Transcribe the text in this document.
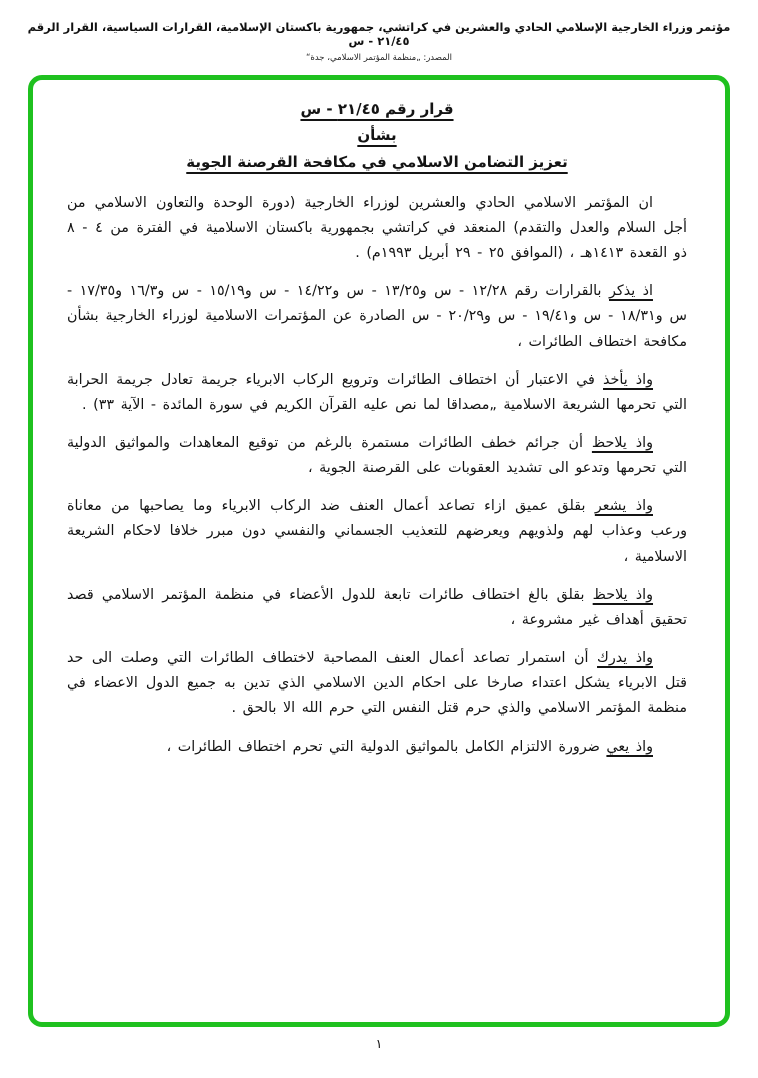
مؤتمر وزراء الخارجية الإسلامي الحادي والعشرين في كراتشي، جمهورية باكستان الإسلامية، القرارات السياسية، القرار الرقم ٢١/٤٥ - س
المصدر: „منظمة المؤتمر الاسلامي، جدة“
قرار رقم ٢١/٤٥ - س
بشأن
تعزيز التضامن الاسلامي في مكافحة القرصنة الجوية

ان المؤتمر الاسلامي الحادي والعشرين لوزراء الخارجية (دورة الوحدة والتعاون الاسلامي من أجل السلام والعدل والتقدم) المنعقد في كراتشي بجمهورية باكستان الاسلامية في الفترة من ٤ - ٨ ذو القعدة ١٤١٣هـ ، (الموافق ٢٥ - ٢٩ أبريل ١٩٩٣م) .

اذ يذكر بالقرارات رقم ١٢/٢٨ - س و١٣/٢٥ - س و١٤/٢٢ - س و١٥/١٩ - س و١٦/٣ و١٧/٣٥ - س و١٨/٣١ - س و١٩/٤١ - س و٢٠/٢٩ - س الصادرة عن المؤتمرات الاسلامية لوزراء الخارجية بشأن مكافحة اختطاف الطائرات ،

واذ يأخذ في الاعتبار أن اختطاف الطائرات وترويع الركاب الابرياء جريمة تعادل جريمة الحرابة التي تحرمها الشريعة الاسلامية „مصداقا لما نص عليه القرآن الكريم في سورة المائدة - الآية ٣٣) .

واذ يلاحظ أن جرائم خطف الطائرات مستمرة بالرغم من توقيع المعاهدات والمواثيق الدولية التي تحرمها وتدعو الى تشديد العقوبات على القرصنة الجوية ،

واذ يشعر بقلق عميق ازاء تصاعد أعمال العنف ضد الركاب الابرياء وما يصاحبها من معاناة ورعب وعذاب لهم ولذويهم ويعرضهم للتعذيب الجسماني والنفسي دون مبرر خلافا لاحكام الشريعة الاسلامية ،

واذ يلاحظ بقلق بالغ اختطاف طائرات تابعة للدول الأعضاء في منظمة المؤتمر الاسلامي قصد تحقيق أهداف غير مشروعة ،

واذ يدرك أن استمرار تصاعد أعمال العنف المصاحبة لاختطاف الطائرات التي وصلت الى حد قتل الابرياء يشكل اعتداء صارخا على احكام الدين الاسلامي الذي تدين به جميع الدول الاعضاء في منظمة المؤتمر الاسلامي والذي حرم قتل النفس التي حرم الله الا بالحق .

واذ يعي ضرورة الالتزام الكامل بالمواثيق الدولية التي تحرم اختطاف الطائرات ،

١
